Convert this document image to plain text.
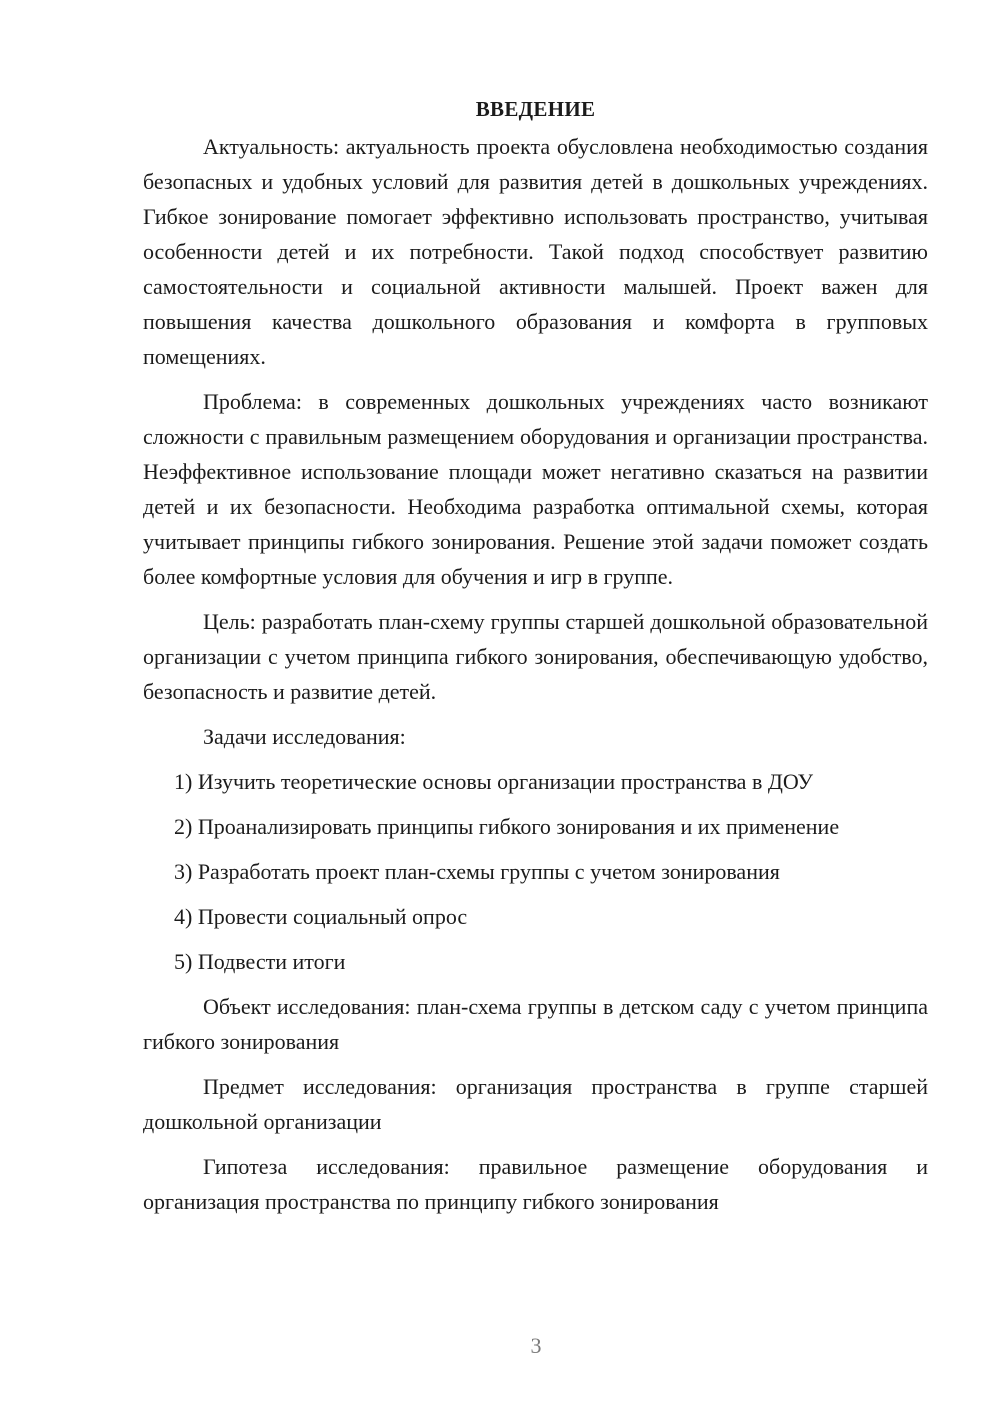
ВВЕДЕНИЕ

Актуальность: актуальность проекта обусловлена необходимостью создания безопасных и удобных условий для развития детей в дошкольных учреждениях. Гибкое зонирование помогает эффективно использовать пространство, учитывая особенности детей и их потребности. Такой подход способствует развитию самостоятельности и социальной активности малышей. Проект важен для повышения качества дошкольного образования и комфорта в групповых помещениях.

Проблема: в современных дошкольных учреждениях часто возникают сложности с правильным размещением оборудования и организации пространства. Неэффективное использование площади может негативно сказаться на развитии детей и их безопасности. Необходима разработка оптимальной схемы, которая учитывает принципы гибкого зонирования. Решение этой задачи поможет создать более комфортные условия для обучения и игр в группе.

Цель: разработать план-схему группы старшей дошкольной образовательной организации с учетом принципа гибкого зонирования, обеспечивающую удобство, безопасность и развитие детей.

Задачи исследования:

1) Изучить теоретические основы организации пространства в ДОУ

2) Проанализировать принципы гибкого зонирования и их применение

3) Разработать проект план-схемы группы с учетом зонирования

4) Провести социальный опрос

5) Подвести итоги

Объект исследования: план-схема группы в детском саду с учетом принципа гибкого зонирования

Предмет исследования: организация пространства в группе старшей дошкольной организации

Гипотеза исследования: правильное размещение оборудования и организация пространства по принципу гибкого зонирования

3
